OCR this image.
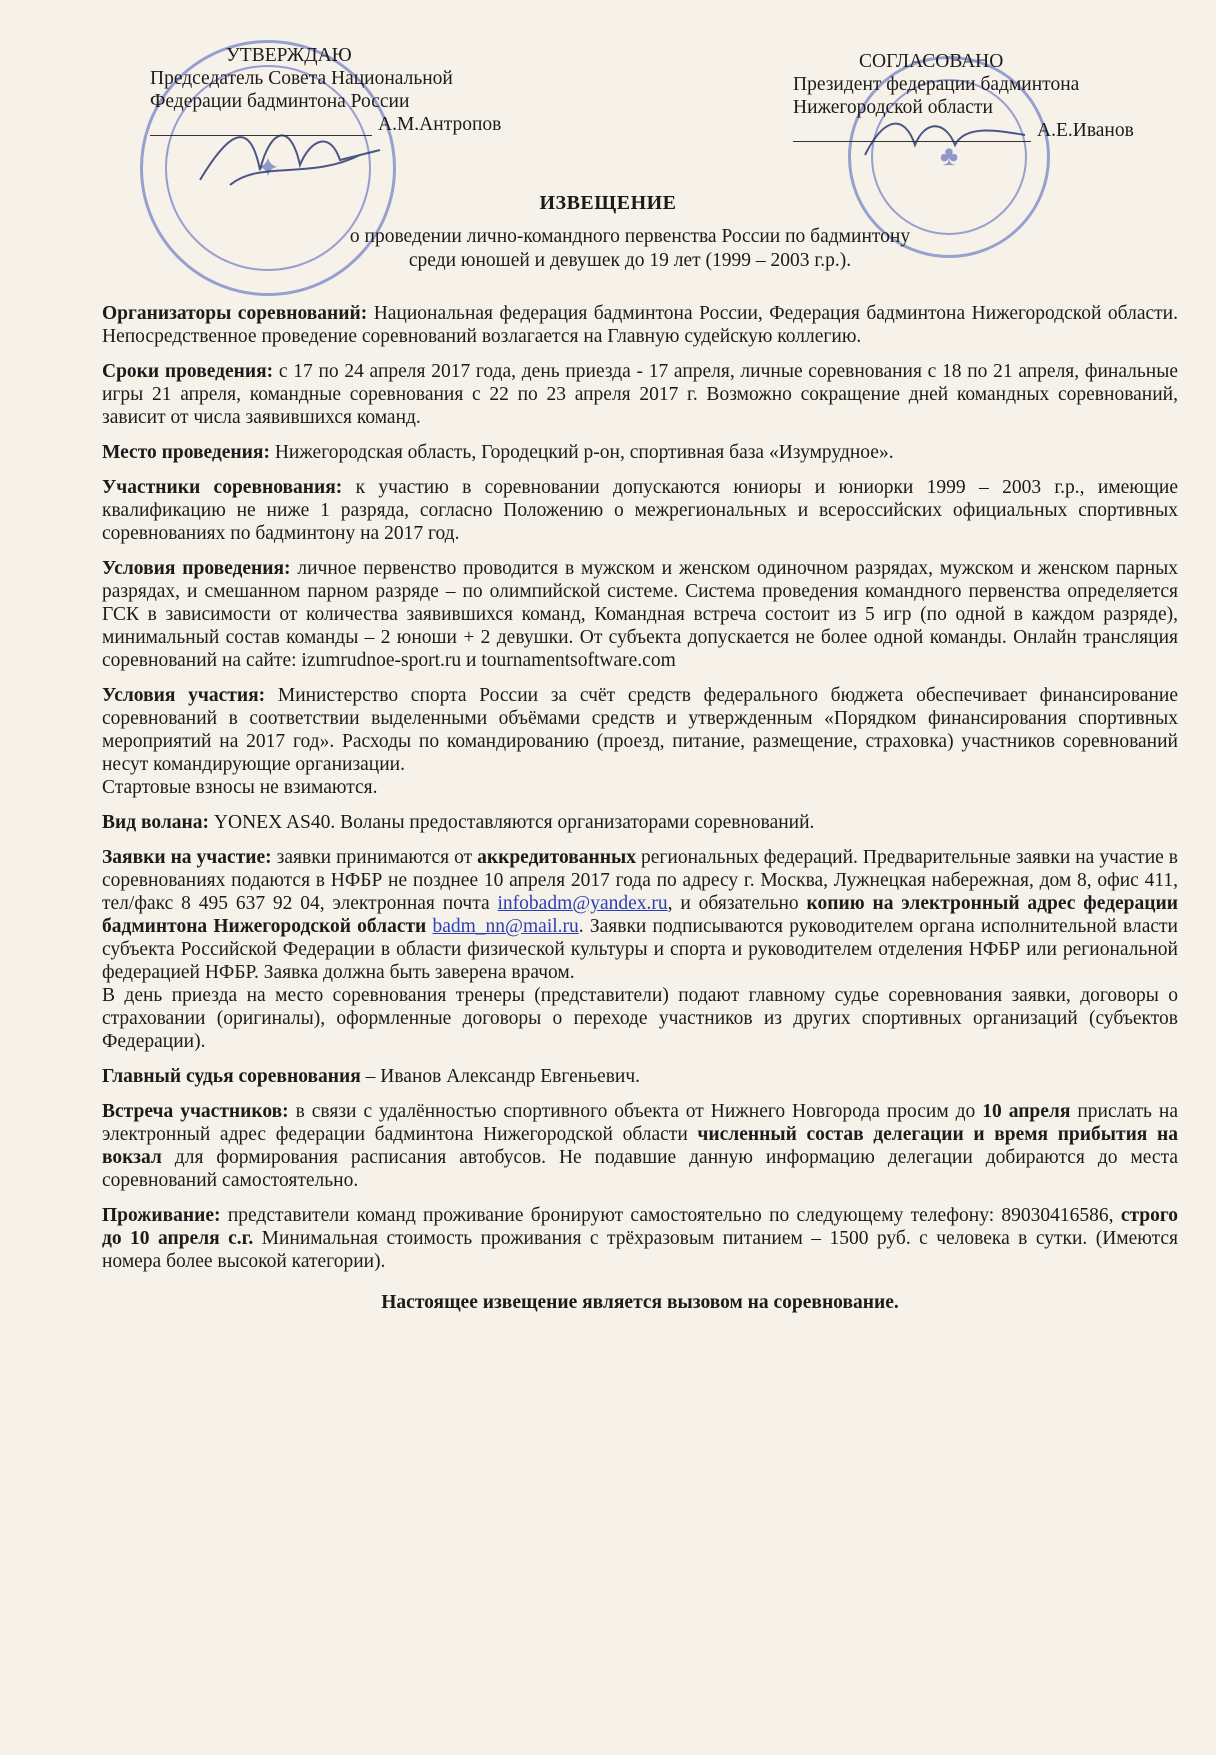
✦	♣
УТВЕРЖДАЮ
Председатель Совета Национальной
Федерации бадминтона России
А.М.Антропов
СОГЛАСОВАНО
Президент федерации бадминтона
Нижегородской области
А.Е.Иванов
ИЗВЕЩЕНИЕ
о проведении лично-командного первенства России по бадминтону
среди юношей и девушек до 19 лет (1999 – 2003 г.р.).

Организаторы соревнований: Национальная федерация бадминтона России, Федерация бадминтона Нижегородской области. Непосредственное проведение соревнований возлагается на Главную судейскую коллегию.

Сроки проведения: с 17 по 24 апреля 2017 года, день приезда - 17 апреля, личные соревнования с 18 по 21 апреля, финальные игры 21 апреля, командные соревнования с 22 по 23 апреля 2017 г. Возможно сокращение дней командных соревнований, зависит от числа заявившихся команд.

Место проведения: Нижегородская область, Городецкий р-он, спортивная база «Изумрудное».

Участники соревнования: к участию в соревновании допускаются юниоры и юниорки 1999 – 2003 г.р., имеющие квалификацию не ниже 1 разряда, согласно Положению о межрегиональных и всероссийских официальных спортивных соревнованиях по бадминтону на 2017 год.

Условия проведения: личное первенство проводится в мужском и женском одиночном разрядах, мужском и женском парных разрядах, и смешанном парном разряде – по олимпийской системе. Система проведения командного первенства определяется ГСК в зависимости от количества заявившихся команд, Командная встреча состоит из 5 игр (по одной в каждом разряде), минимальный состав команды – 2 юноши + 2 девушки. От субъекта допускается не более одной команды. Онлайн трансляция соревнований на сайте: izumrudnoe-sport.ru и tournamentsoftware.com

Условия участия: Министерство спорта России за счёт средств федерального бюджета обеспечивает финансирование соревнований в соответствии выделенными объёмами средств и утвержденным «Порядком финансирования спортивных мероприятий на 2017 год». Расходы по командированию (проезд, питание, размещение, страховка) участников соревнований несут командирующие организации.

Стартовые взносы не взимаются.

Вид волана: YONEX AS40. Воланы предоставляются организаторами соревнований.

Заявки на участие: заявки принимаются от аккредитованных региональных федераций. Предварительные заявки на участие в соревнованиях подаются в НФБР не позднее 10 апреля 2017 года по адресу г. Москва, Лужнецкая набережная, дом 8, офис 411, тел/факс 8 495 637 92 04, электронная почта infobadm@yandex.ru, и обязательно копию на электронный адрес федерации бадминтона Нижегородской области badm_nn@mail.ru. Заявки подписываются руководителем органа исполнительной власти субъекта Российской Федерации в области физической культуры и спорта и руководителем отделения НФБР или региональной федерацией НФБР. Заявка должна быть заверена врачом.

В день приезда на место соревнования тренеры (представители) подают главному судье соревнования заявки, договоры о страховании (оригиналы), оформленные договоры о переходе участников из других спортивных организаций (субъектов Федерации).

Главный судья соревнования – Иванов Александр Евгеньевич.

Встреча участников: в связи с удалённостью спортивного объекта от Нижнего Новгорода просим до 10 апреля прислать на электронный адрес федерации бадминтона Нижегородской области численный состав делегации и время прибытия на вокзал для формирования расписания автобусов. Не подавшие данную информацию делегации добираются до места соревнований самостоятельно.

Проживание: представители команд проживание бронируют самостоятельно по следующему телефону: 89030416586, строго до 10 апреля с.г. Минимальная стоимость проживания с трёхразовым питанием – 1500 руб. с человека в сутки. (Имеются номера более высокой категории).

Настоящее извещение является вызовом на соревнование.
